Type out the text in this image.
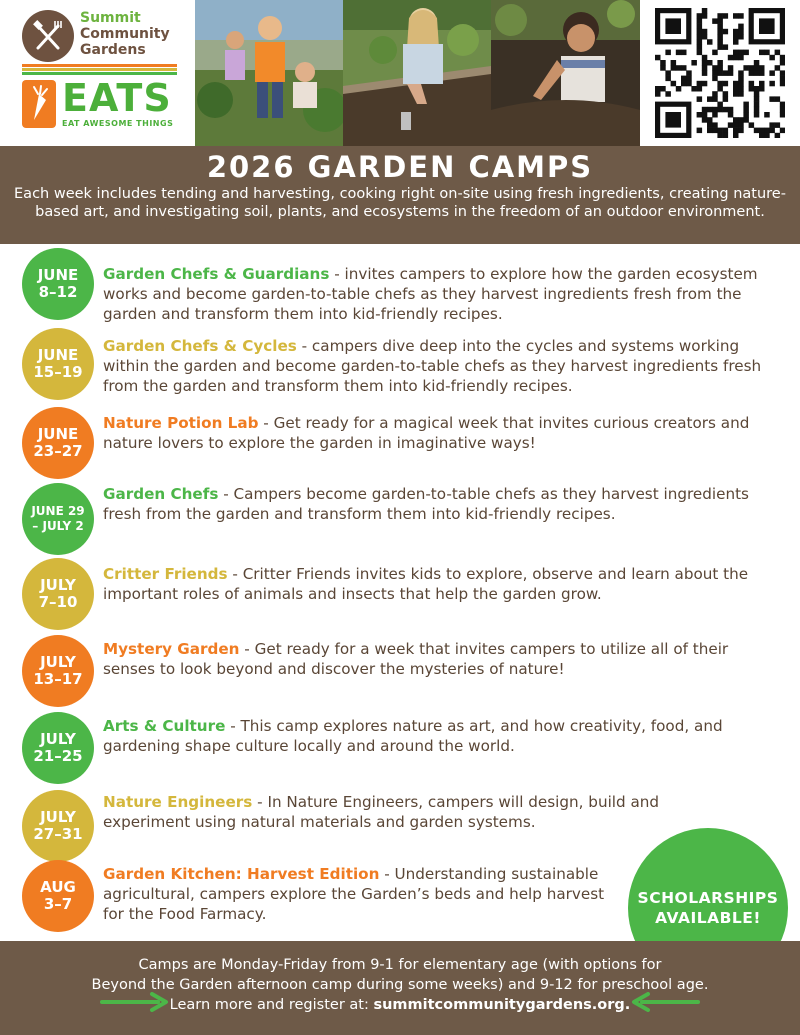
Summit
Community
Gardens
EATS
EAT AWESOME THINGS
2026 GARDEN CAMPS
Each week includes tending and harvesting, cooking right on-site using fresh ingredients, creating nature-based art, and investigating soil, plants, and ecosystems in the freedom of an outdoor environment.
JUNE
8–12
Garden Chefs & Guardians - invites campers to explore how the garden ecosystem works and become garden-to-table chefs as they harvest ingredients fresh from the garden and transform them into kid-friendly recipes.
JUNE
15–19
Garden Chefs & Cycles - campers dive deep into the cycles and systems working within the garden and become garden-to-table chefs as they harvest ingredients fresh from the garden and transform them into kid-friendly recipes.
JUNE
23–27
Nature Potion Lab - Get ready for a magical week that invites curious creators and nature lovers to explore the garden in imaginative ways!
JUNE 29
– JULY 2
Garden Chefs - Campers become garden-to-table chefs as they harvest ingredients fresh from the garden and transform them into kid-friendly recipes.
JULY
7–10
Critter Friends - Critter Friends invites kids to explore, observe and learn about the important roles of animals and insects that help the garden grow.
JULY
13–17
Mystery Garden - Get ready for a week that invites campers to utilize all of their senses to look beyond and discover the mysteries of nature!
JULY
21–25
Arts & Culture - This camp explores nature as art, and how creativity, food, and gardening shape culture locally and around the world.
JULY
27–31
Nature Engineers - In Nature Engineers, campers will design, build and experiment using natural materials and garden systems.
AUG
3–7
Garden Kitchen: Harvest Edition - Understanding sustainable agricultural, campers explore the Garden’s beds and help harvest for the Food Farmacy.
SCHOLARSHIPS
AVAILABLE!
Camps are Monday-Friday from 9-1 for elementary age (with options for
Beyond the Garden afternoon camp during some weeks) and 9-12 for preschool age.
Learn more and register at: summitcommunitygardens.org.
